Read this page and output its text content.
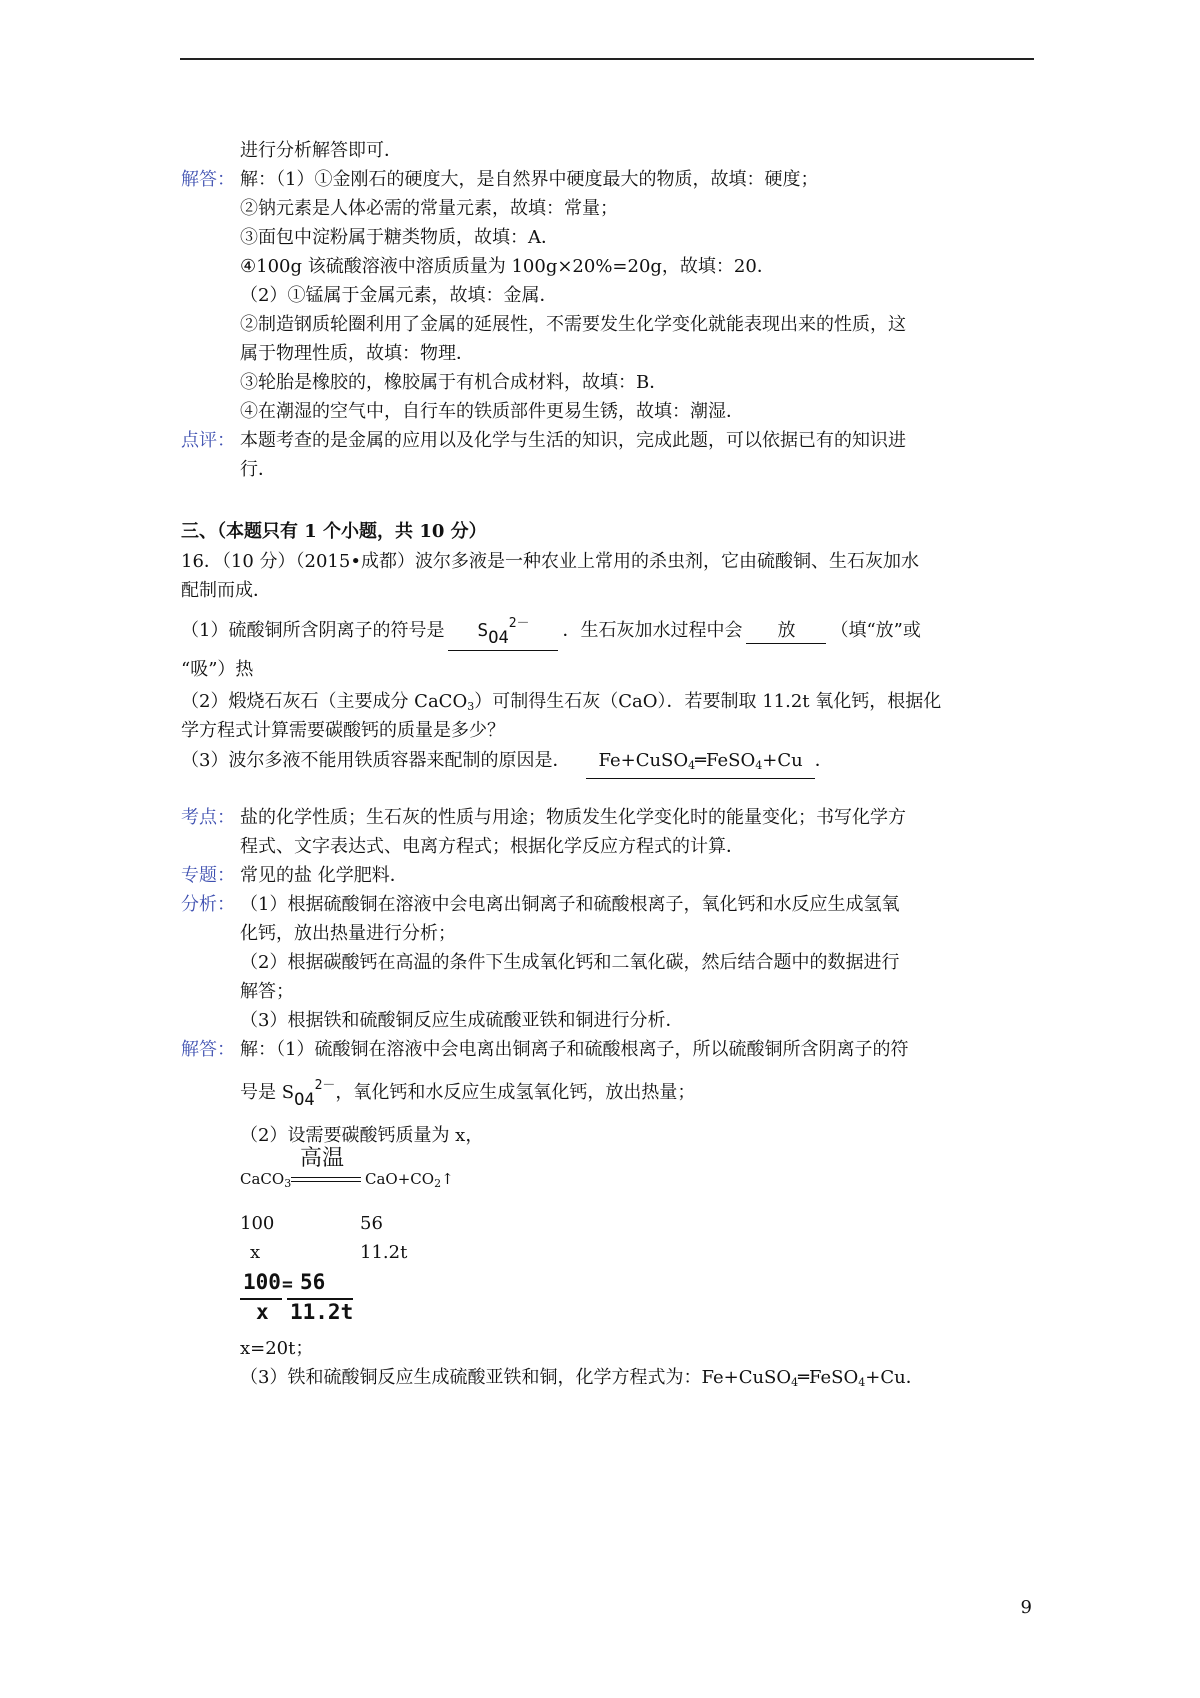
进行分析解答即可．
解答： 解：（1）①金刚石的硬度大，是自然界中硬度最大的物质，故填：硬度；
②钠元素是人体必需的常量元素，故填：常量；
③面包中淀粉属于糖类物质，故填：A．
④100g 该硫酸溶液中溶质质量为 100g×20%=20g，故填：20．
（2）①锰属于金属元素，故填：金属．
②制造钢质轮圈利用了金属的延展性，不需要发生化学变化就能表现出来的性质，这
属于物理性质，故填：物理．
③轮胎是橡胶的，橡胶属于有机合成材料，故填：B．
④在潮湿的空气中，自行车的铁质部件更易生锈，故填：潮湿．
点评： 本题考查的是金属的应用以及化学与生活的知识，完成此题，可以依据已有的知识进
行．
三、（本题只有 1 个小题，共 10 分）
16．（10 分）（2015•成都）波尔多液是一种农业上常用的杀虫剂，它由硫酸铜、生石灰加水
配制而成．
（1）硫酸铜所含阴离子的符号是 $SO4^{2-}$ ．生石灰加水过程中会 放 （填“放”或
“吸”）热
（2）煅烧石灰石（主要成分 CaCO$_3$）可制得生石灰（CaO）．若要制取 11.2t 氧化钙，根据化
学方程式计算需要碳酸钙的质量是多少？
（3）波尔多液不能用铁质容器来配制的原因是． Fe+CuSO$_4$═FeSO$_4$+Cu ．
考点： 盐的化学性质；生石灰的性质与用途；物质发生化学变化时的能量变化；书写化学方
程式、文字表达式、电离方程式；根据化学反应方程式的计算．
专题： 常见的盐 化学肥料．
分析： （1）根据硫酸铜在溶液中会电离出铜离子和硫酸根离子，氧化钙和水反应生成氢氧
化钙，放出热量进行分析；
（2）根据碳酸钙在高温的条件下生成氧化钙和二氧化碳，然后结合题中的数据进行
解答；
（3）根据铁和硫酸铜反应生成硫酸亚铁和铜进行分析．
解答： 解：（1）硫酸铜在溶液中会电离出铜离子和硫酸根离子，所以硫酸铜所含阴离子的符
号是 $SO4^{2-}$，氧化钙和水反应生成氢氧化钙，放出热量；
（2）设需要碳酸钙质量为 x，
CaCO$_3$
高温
$CaO+CO_2↑$
100	56
x	11.2t
100 = 56
x 11.2t
x=20t；
（3）铁和硫酸铜反应生成硫酸亚铁和铜，化学方程式为：Fe+CuSO$_4$═FeSO$_4$+Cu．
9
